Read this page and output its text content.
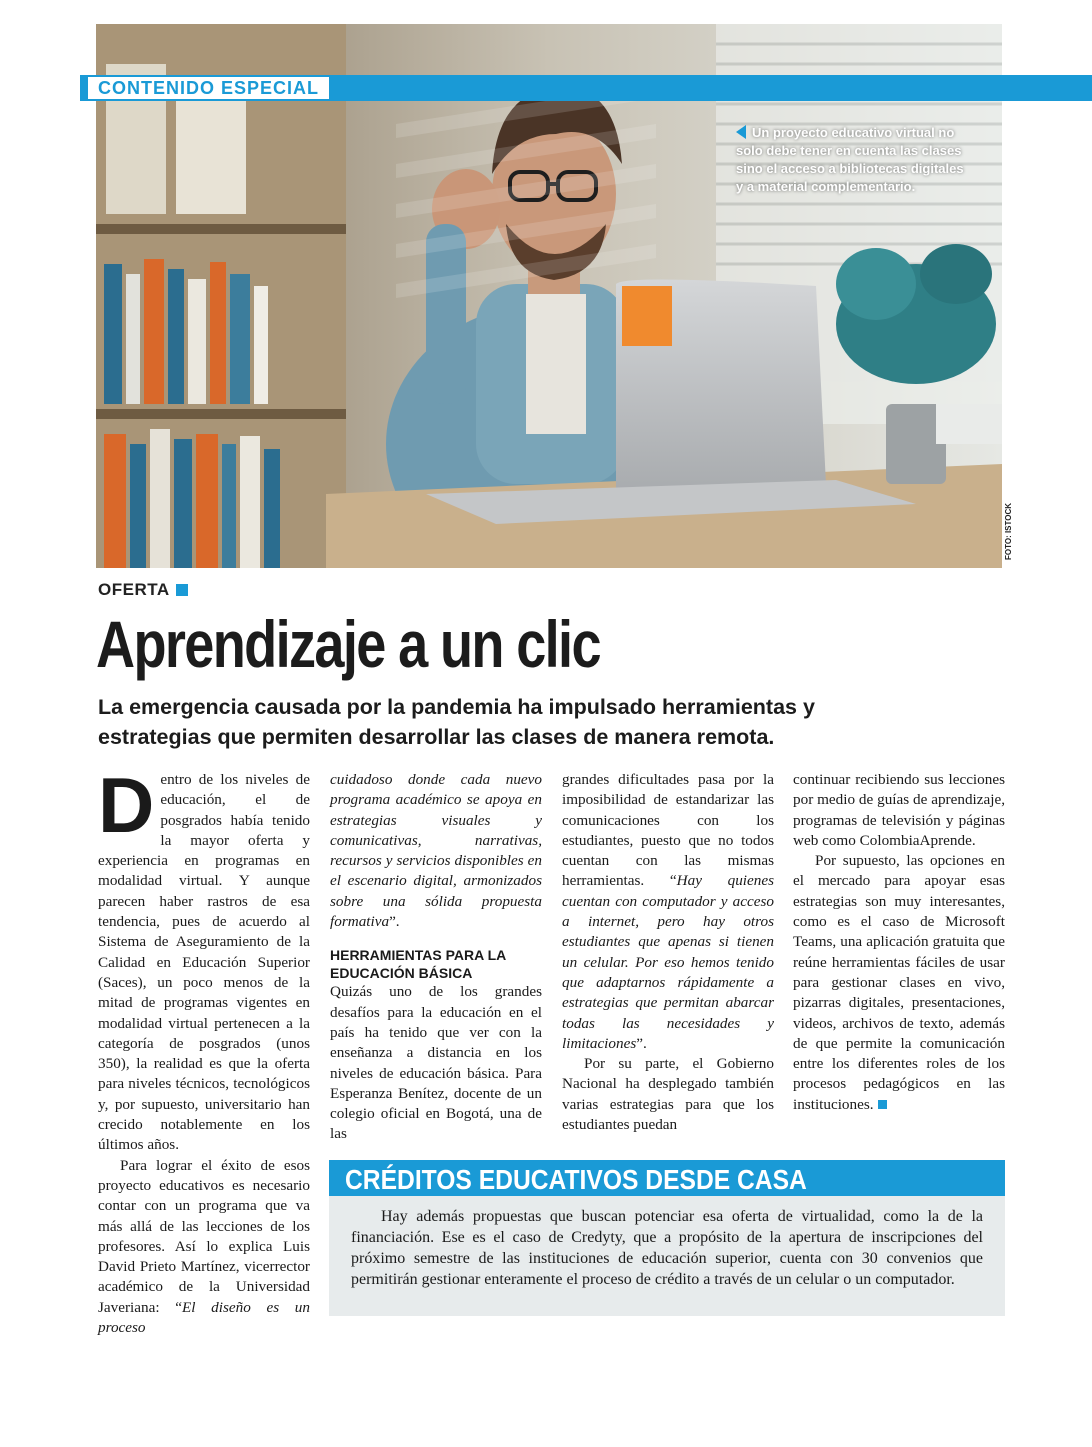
CONTENIDO ESPECIAL
Un proyecto educativo virtual no solo debe tener en cuenta las clases sino el acceso a bibliotecas digitales y a material complementario.
FOTO: ISTOCK
OFERTA
Aprendizaje a un clic

La emergencia causada por la pandemia ha impulsado herramientas y estrategias que permiten desarrollar las clases de manera remota.

Dentro de los niveles de educación, el de posgrados había tenido la mayor oferta y experiencia en programas en modalidad virtual. Y aunque parecen haber rastros de esa tendencia, pues de acuerdo al Sistema de Aseguramiento de la Calidad en Educación Superior (Saces), un poco menos de la mitad de programas vigentes en modalidad virtual pertenecen a la categoría de posgrados (unos 350), la realidad es que la oferta para niveles técnicos, tecnológicos y, por supuesto, universitario han crecido notablemente en los últimos años.

Para lograr el éxito de esos proyecto educativos es necesario contar con un programa que va más allá de las lecciones de los profesores. Así lo explica Luis David Prieto Martínez, vicerrector académico de la Universidad Javeriana: “El diseño es un proceso

cuidadoso donde cada nuevo programa académico se apoya en estrategias visuales y comunicativas, narrativas, recursos y servicios disponibles en el escenario digital, armonizados sobre una sólida propuesta formativa”.

HERRAMIENTAS PARA LA EDUCACIÓN BÁSICA

Quizás uno de los grandes desafíos para la educación en el país ha tenido que ver con la enseñanza a distancia en los niveles de educación básica. Para Esperanza Benítez, docente de un colegio oficial en Bogotá, una de las

grandes dificultades pasa por la imposibilidad de estandarizar las comunicaciones con los estudiantes, puesto que no todos cuentan con las mismas herramientas. “Hay quienes cuentan con computador y acceso a internet, pero hay otros estudiantes que apenas si tienen un celular. Por eso hemos tenido que adaptarnos rápidamente a estrategias que permitan abarcar todas las necesidades y limitaciones”.

Por su parte, el Gobierno Nacional ha desplegado también varias estrategias para que los estudiantes puedan

continuar recibiendo sus lecciones por medio de guías de aprendizaje, programas de televisión y páginas web como ColombiaAprende.

Por supuesto, las opciones en el mercado para apoyar esas estrategias son muy interesantes, como es el caso de Microsoft Teams, una aplicación gratuita que reúne herramientas fáciles de usar para gestionar clases en vivo, pizarras digitales, presentaciones, videos, archivos de texto, además de que permite la comunicación entre los diferentes roles de los procesos pedagógicos en las instituciones.

CRÉDITOS EDUCATIVOS DESDE CASA

Hay además propuestas que buscan potenciar esa oferta de virtualidad, como la de la financiación. Ese es el caso de Credyty, que a propósito de la apertura de inscripciones del próximo semestre de las instituciones de educación superior, cuenta con 30 convenios que permitirán gestionar enteramente el proceso de crédito a través de un celular o un computador.
